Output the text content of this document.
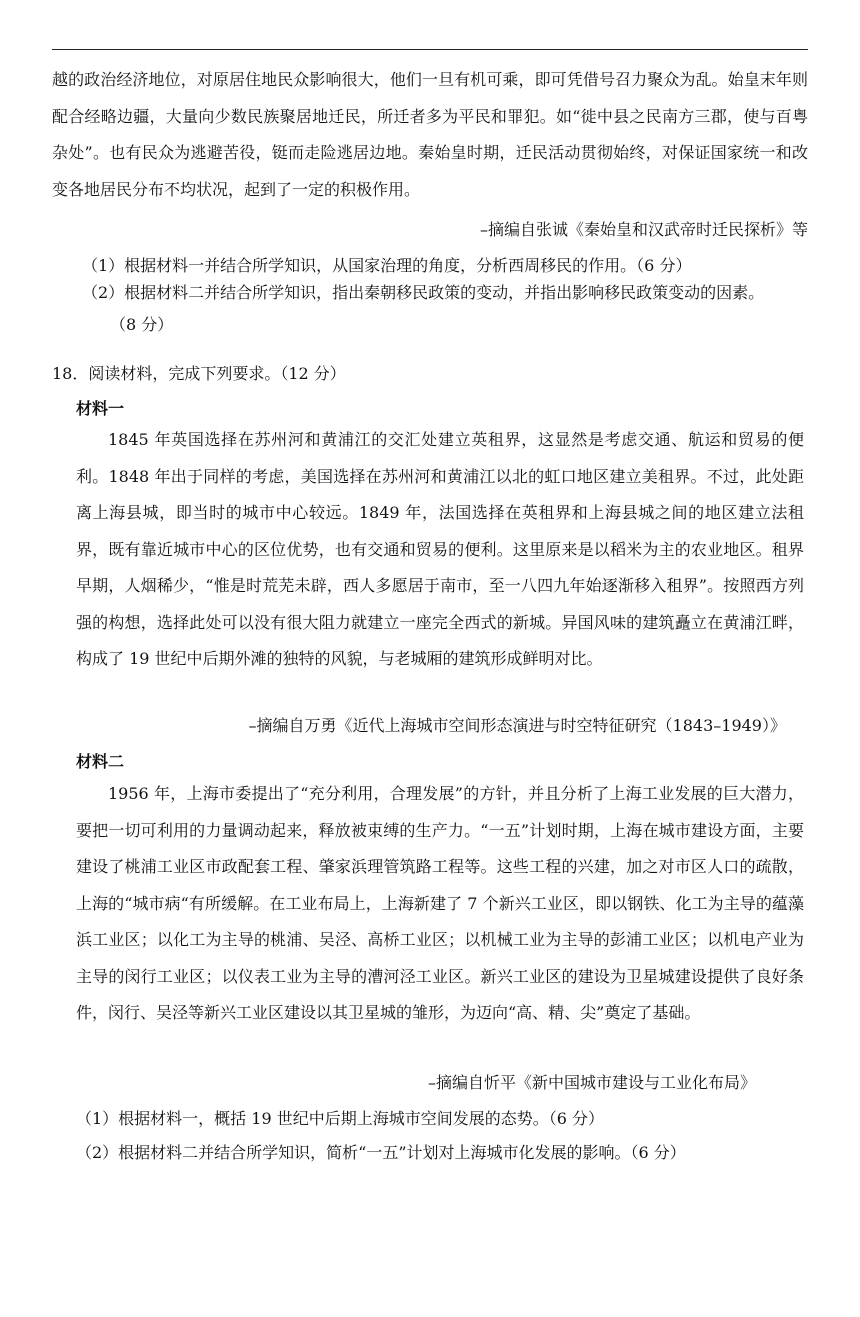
越的政治经济地位，对原居住地民众影响很大，他们一旦有机可乘，即可凭借号召力聚众为乱。始皇末年则配合经略边疆，大量向少数民族聚居地迁民，所迁者多为平民和罪犯。如“徙中县之民南方三郡，使与百粤杂处”。也有民众为逃避苦役，铤而走险逃居边地。秦始皇时期，迁民活动贯彻始终，对保证国家统一和改变各地居民分布不均状况，起到了一定的积极作用。

–摘编自张诚《秦始皇和汉武帝时迁民探析》等
（1）根据材料一并结合所学知识，从国家治理的角度，分析西周移民的作用。（6 分）
（2）根据材料二并结合所学知识，指出秦朝移民政策的变动，并指出影响移民政策变动的因素。
（8 分）
18．阅读材料，完成下列要求。（12 分）
材料一

1845 年英国选择在苏州河和黄浦江的交汇处建立英租界，这显然是考虑交通、航运和贸易的便利。1848 年出于同样的考虑，美国选择在苏州河和黄浦江以北的虹口地区建立美租界。不过，此处距离上海县城，即当时的城市中心较远。1849 年，法国选择在英租界和上海县城之间的地区建立法租界，既有靠近城市中心的区位优势，也有交通和贸易的便利。这里原来是以稻米为主的农业地区。租界早期，人烟稀少，“惟是时荒芜未辟，西人多愿居于南市，至一八四九年始逐渐移入租界”。按照西方列强的构想，选择此处可以没有很大阻力就建立一座完全西式的新城。异国风味的建筑矗立在黄浦江畔，构成了 19 世纪中后期外滩的独特的风貌，与老城厢的建筑形成鲜明对比。

–摘编自万勇《近代上海城市空间形态演进与时空特征研究（1843–1949）》
材料二

1956 年，上海市委提出了“充分利用，合理发展”的方针，并且分析了上海工业发展的巨大潜力，要把一切可利用的力量调动起来，释放被束缚的生产力。“一五”计划时期，上海在城市建设方面，主要建设了桃浦工业区市政配套工程、肇家浜理管筑路工程等。这些工程的兴建，加之对市区人口的疏散，上海的“城市病“有所缓解。在工业布局上，上海新建了 7 个新兴工业区，即以钢铁、化工为主导的蕴藻浜工业区；以化工为主导的桃浦、吴泾、高桥工业区；以机械工业为主导的彭浦工业区；以机电产业为主导的闵行工业区；以仪表工业为主导的漕河泾工业区。新兴工业区的建设为卫星城建设提供了良好条件，闵行、吴泾等新兴工业区建设以其卫星城的雏形，为迈向“高、精、尖”奠定了基础。

–摘编自忻平《新中国城市建设与工业化布局》
（1）根据材料一，概括 19 世纪中后期上海城市空间发展的态势。（6 分）
（2）根据材料二并结合所学知识，简析“一五”计划对上海城市化发展的影响。（6 分）
